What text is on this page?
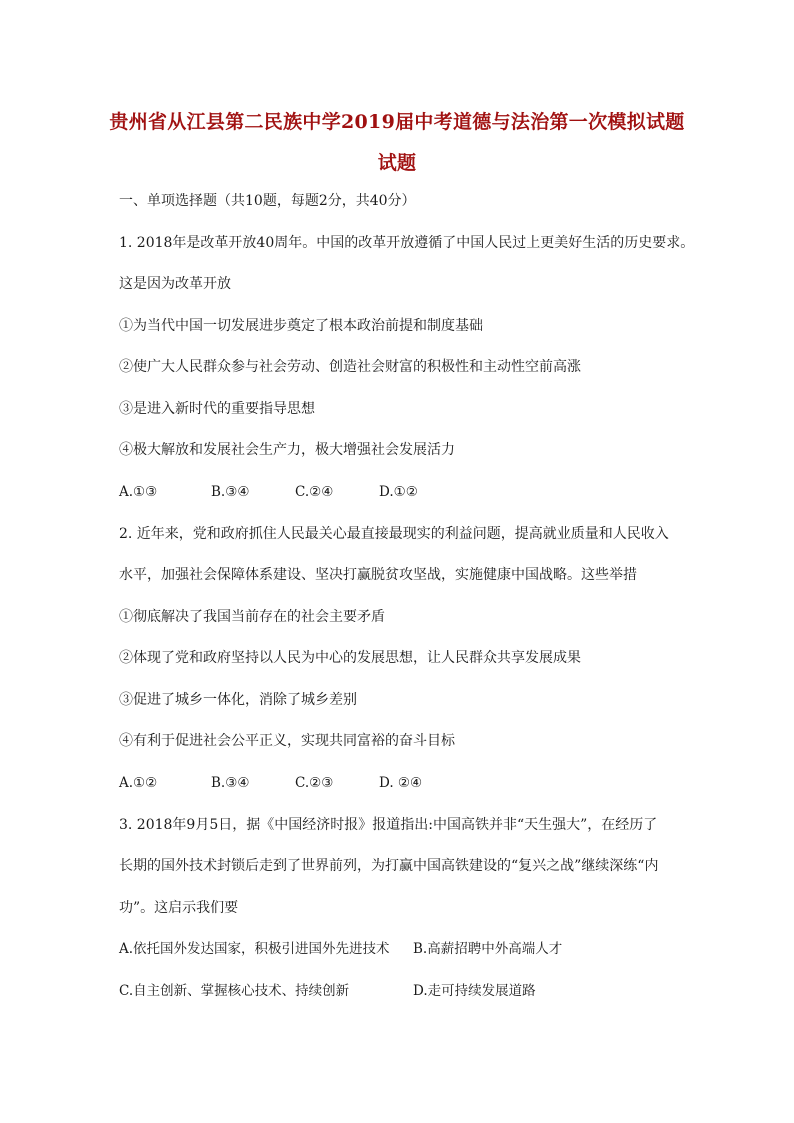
贵州省从江县第二民族中学2019届中考道德与法治第一次模拟试题
试题
一、单项选择题（共10题，每题2分，共40分）
1. 2018年是改革开放40周年。中国的改革开放遵循了中国人民过上更美好生活的历史要求。
这是因为改革开放
①为当代中国一切发展进步奠定了根本政治前提和制度基础
②使广大人民群众参与社会劳动、创造社会财富的积极性和主动性空前高涨
③是进入新时代的重要指导思想
④极大解放和发展社会生产力，极大增强社会发展活力
A.①③	B.③④	C.②④	D.①②
2. 近年来，党和政府抓住人民最关心最直接最现实的利益问题，提高就业质量和人民收入
水平，加强社会保障体系建设、坚决打赢脱贫攻坚战，实施健康中国战略。这些举措
①彻底解决了我国当前存在的社会主要矛盾
②体现了党和政府坚持以人民为中心的发展思想，让人民群众共享发展成果
③促进了城乡一体化，消除了城乡差别
④有利于促进社会公平正义，实现共同富裕的奋斗目标
A.①②	B.③④	C.②③	D. ②④
3. 2018年9月5日，据《中国经济时报》报道指出:中国高铁并非“天生强大”，在经历了
长期的国外技术封锁后走到了世界前列，为打赢中国高铁建设的“复兴之战”继续深练“内
功”。这启示我们要
A.依托国外发达国家，积极引进国外先进技术 B.高薪招聘中外高端人才
C.自主创新、掌握核心技术、持续创新	D.走可持续发展道路
